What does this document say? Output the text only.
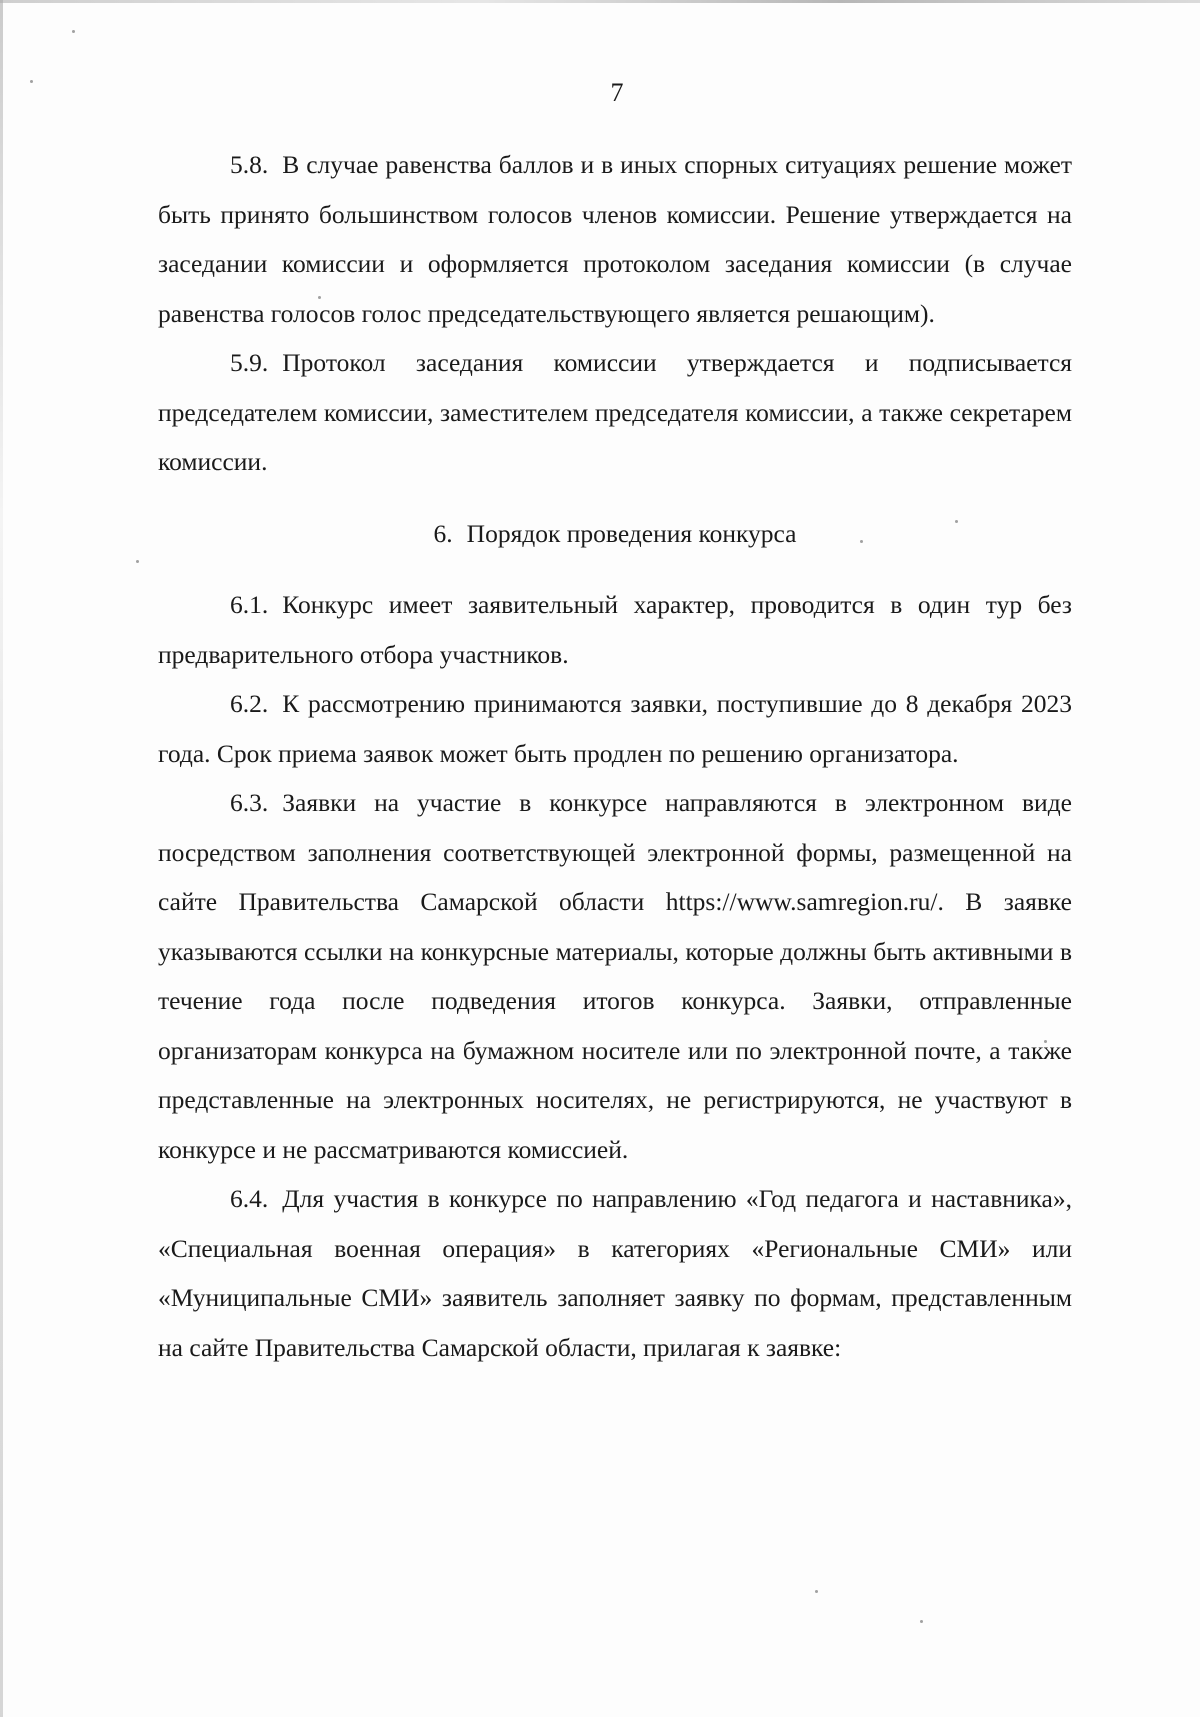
7

5.8. В случае равенства баллов и в иных спорных ситуациях решение может быть принято большинством голосов членов комиссии. Решение утверждается на заседании комиссии и оформляется протоколом заседания комиссии (в случае равенства голосов голос председательствующего является решающим).

5.9. Протокол заседания комиссии утверждается и подписывается председателем комиссии, заместителем председателя комиссии, а также секретарем комиссии.

6. Порядок проведения конкурса

6.1. Конкурс имеет заявительный характер, проводится в один тур без предварительного отбора участников.

6.2. К рассмотрению принимаются заявки, поступившие до 8 декабря 2023 года. Срок приема заявок может быть продлен по решению организатора.

6.3. Заявки на участие в конкурсе направляются в электронном виде посредством заполнения соответствующей электронной формы, размещенной на сайте Правительства Самарской области https://www.samregion.ru/. В заявке указываются ссылки на конкурсные материалы, которые должны быть активными в течение года после подведения итогов конкурса. Заявки, отправленные организаторам конкурса на бумажном носителе или по электронной почте, а также представленные на электронных носителях, не регистрируются, не участвуют в конкурсе и не рассматриваются комиссией.

6.4. Для участия в конкурсе по направлению «Год педагога и наставника», «Специальная военная операция» в категориях «Региональные СМИ» или «Муниципальные СМИ» заявитель заполняет заявку по формам, представленным на сайте Правительства Самарской области, прилагая к заявке:
